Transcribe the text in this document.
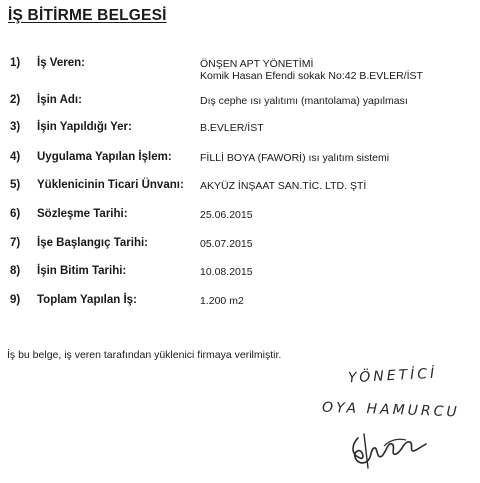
İŞ BİTİRME BELGESİ
1) İş Veren:	ÖNŞEN APT YÖNETİMİ
Komik Hasan Efendi sokak No:42 B.EVLER/İST
2) İşin Adı:	Dış cephe ısı yalıtımı (mantolama) yapılması
3) İşin Yapıldığı Yer:	B.EVLER/İST
4) Uygulama Yapılan İşlem:	FİLLİ BOYA (FAWORİ) ısı yalıtım sistemi
5) Yüklenicinin Ticari Ünvanı: AKYÜZ İNŞAAT SAN.TİC. LTD. ŞTİ
6) Sözleşme Tarihi:	25.06.2015
7) İşe Başlangıç Tarihi:	05.07.2015
8) İşin Bitim Tarihi:	10.08.2015
9) Toplam Yapılan İş:	1.200 m2
İş bu belge, iş veren tarafından yüklenici firmaya verilmiştir.
YÖNETİCİ
OYA HAMURCU
